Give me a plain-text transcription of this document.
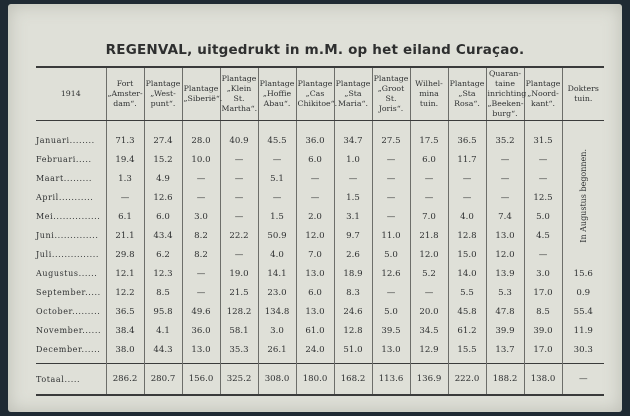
REGENVAL, uitgedrukt in m.M. op het eiland Curaçao.
1914	Fort „Amster-dam“.	Plantage „West-punt“.	Plantage „Siberië“.	Plantage „Klein St. Martha“.	Plantage „Hoffie Abau“.	Plantage „Cas Chikitoe“.	Plantage „Sta Maria“.	Plantage „Groot St. Joris“.	Wilhel-mina tuin.	Plantage „Sta Rosa“.	Quaran-taine inrichting „Beeken-burg“.	Plantage „Noord-kant“.	Dokters tuin.

Januari........	71.3	27.4	28.0	40.9	45.5	36.0	34.7	27.5	17.5	36.5	35.2	31.5	In Augustus begonnen.
Februari.....	19.4	15.2	10.0	—	—	6.0	1.0	—	6.0	11.7	—	—	
Maart.........	1.3	4.9	—	—	5.1	—	—	—	—	—	—	—	
April...........	—	12.6	—	—	—	—	1.5	—	—	—	—	12.5	
Mei...............	6.1	6.0	3.0	—	1.5	2.0	3.1	—	7.0	4.0	7.4	5.0	
Juni..............	21.1	43.4	8.2	22.2	50.9	12.0	9.7	11.0	21.8	12.8	13.0	4.5	
Juli...............	29.8	6.2	8.2	—	4.0	7.0	2.6	5.0	12.0	15.0	12.0	—	
Augustus......	12.1	12.3	—	19.0	14.1	13.0	18.9	12.6	5.2	14.0	13.9	3.0	15.6
September.....	12.2	8.5	—	21.5	23.0	6.0	8.3	—	—	5.5	5.3	17.0	0.9
October.........	36.5	95.8	49.6	128.2	134.8	13.0	24.6	5.0	20.0	45.8	47.8	8.5	55.4
November......	38.4	4.1	36.0	58.1	3.0	61.0	12.8	39.5	34.5	61.2	39.9	39.0	11.9
December......	38.0	44.3	13.0	35.3	26.1	24.0	51.0	13.0	12.9	15.5	13.7	17.0	30.3
Totaal.....	286.2	280.7	156.0	325.2	308.0	180.0	168.2	113.6	136.9	222.0	188.2	138.0	—
